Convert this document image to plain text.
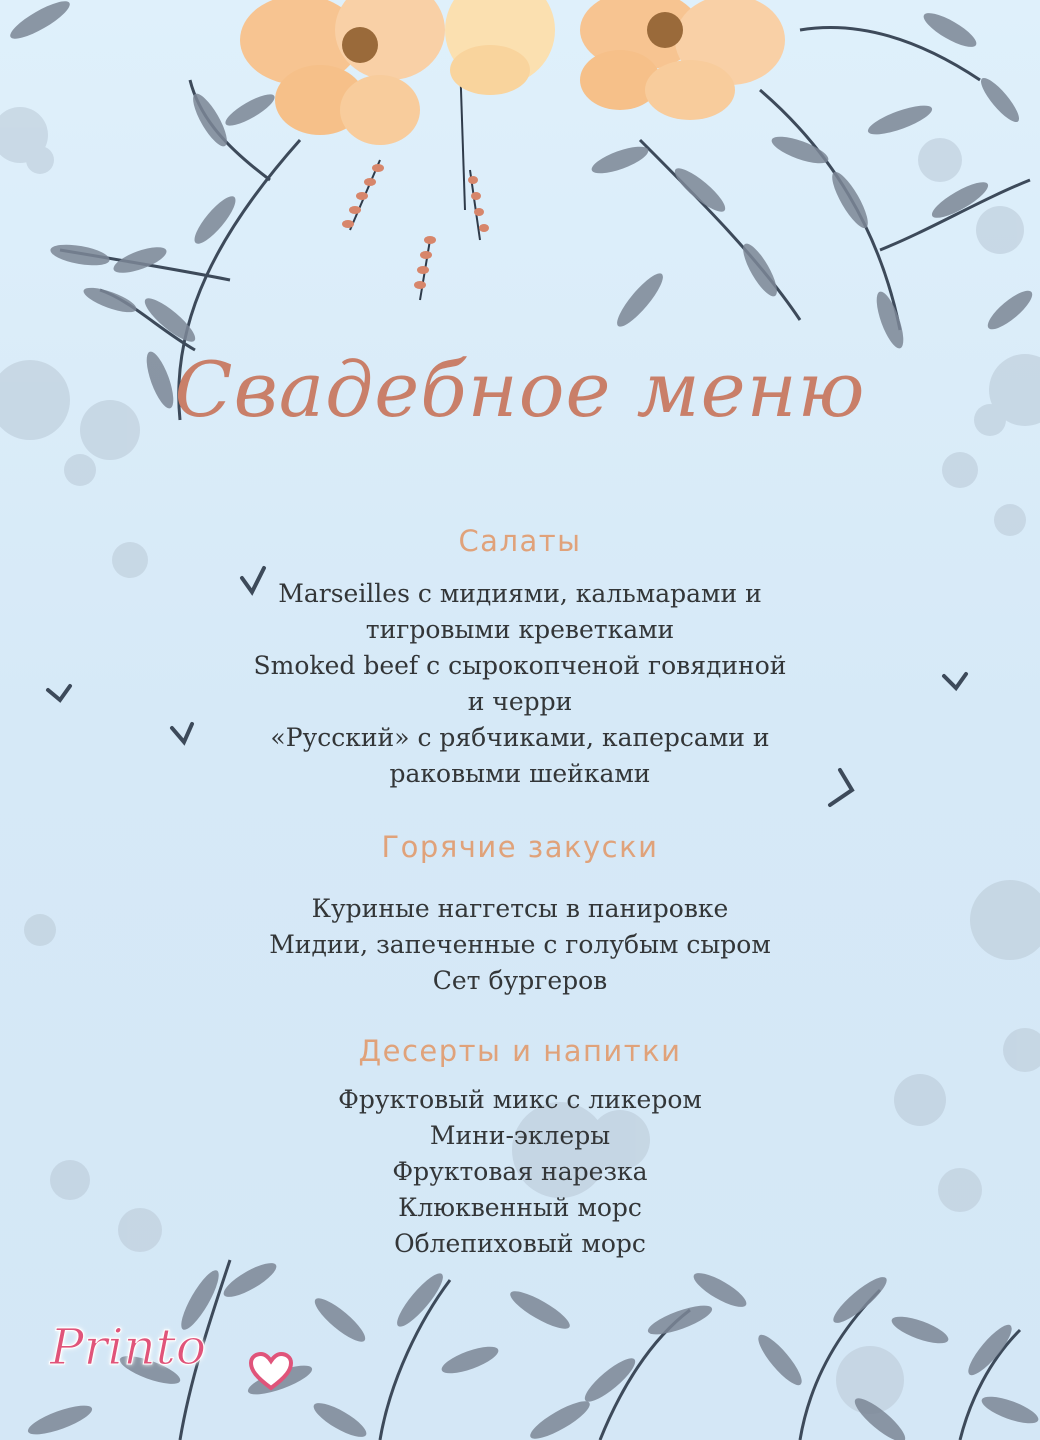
Свадебное меню
Салаты
Marseilles с мидиями, кальмарами и
тигровыми креветками
Smoked beef с сырокопченой говядиной
и черри
«Русский» с рябчиками, каперсами и
раковыми шейками
Горячие закуски
Куриные наггетсы в панировке
Мидии, запеченные с голубым сыром
Сет бургеров
Десерты и напитки
Фруктовый микс с ликером
Мини-эклеры
Фруктовая нарезка
Клюквенный морс
Облепиховый морс
Printo
